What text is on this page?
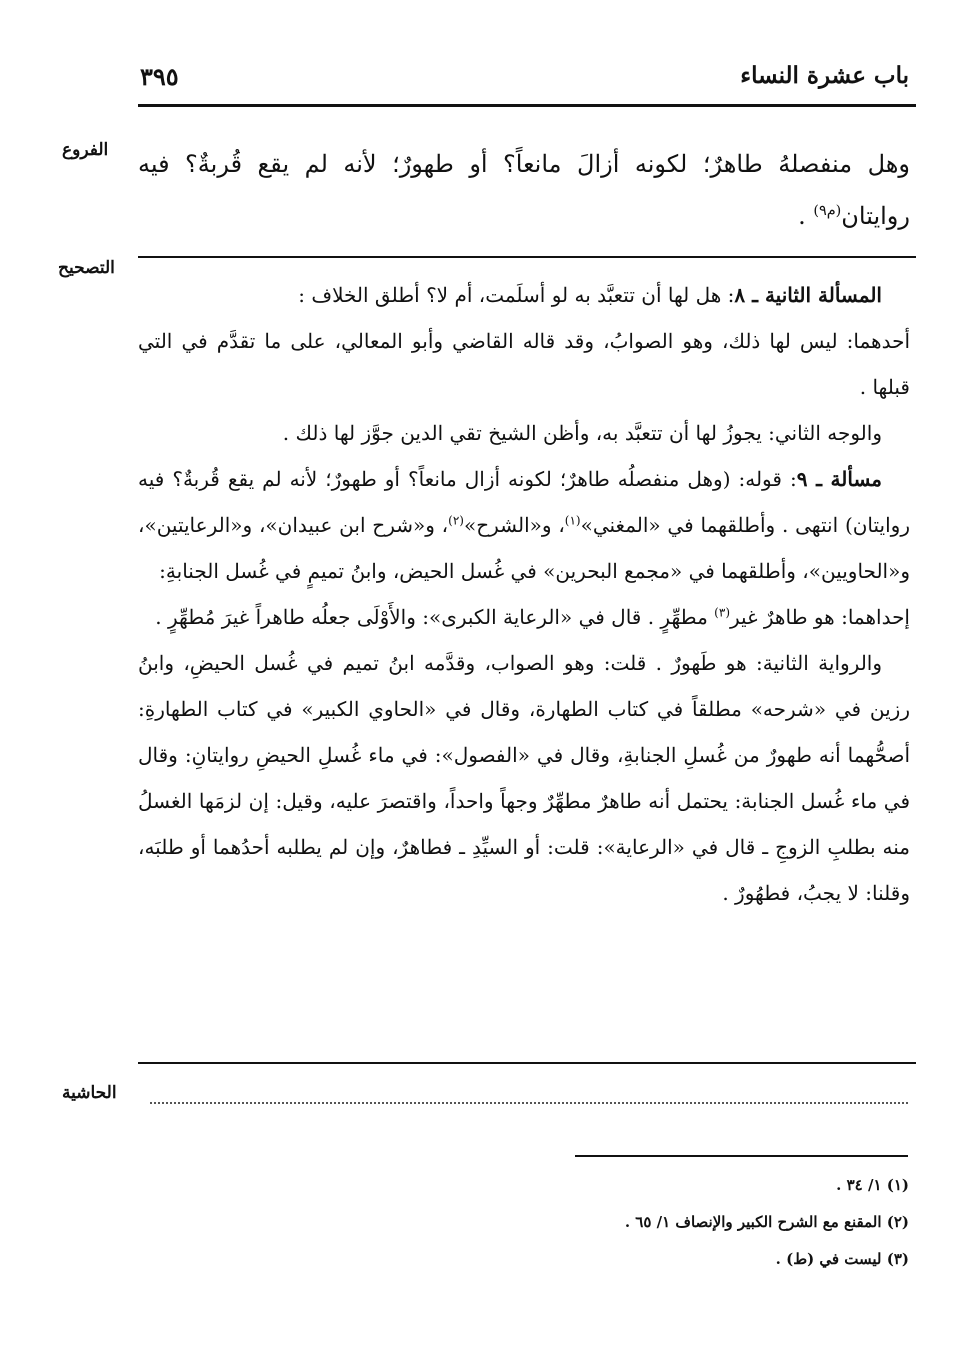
٣٩٥	باب عشرة النساء
الفروع
التصحيح
الحاشية
وهل منفصلهُ طاهرٌ؛ لكونه أزالَ مانعاً؟ أو طهورٌ؛ لأنه لم يقع قُربةٌ؟ فيه روايتان$^{(م٩)}$ .

المسألة الثانية ـ ٨: هل لها أن تتعبَّد به لو أسلَمت، أم لا؟ أطلق الخلاف :

أحدهما: ليس لها ذلك، وهو الصوابُ، وقد قاله القاضي وأبو المعالي، على ما تقدَّم في التي قبلها .

والوجه الثاني: يجوزُ لها أن تتعبَّد به، وأظن الشيخ تقي الدين جوَّز لها ذلك .

مسألة ـ ٩: قوله: (وهل منفصلُه طاهرٌ؛ لكونه أزال مانعاً؟ أو طهورٌ؛ لأنه لم يقع قُربةٌ؟ فيه روايتان) انتهى . وأطلقهما في «المغني»$^{(١)}$، و«الشرح»$^{(٢)}$، و«شرح ابن عبيدان»، و«الرعايتين»، و«الحاويين»، وأطلقهما في «مجمع البحرين» في غُسل الحيض، وابنُ تميمٍ في غُسل الجنابةِ:

إحداهما: هو طاهرٌ غير$^{(٣)}$ مطهِّرٍ . قال في «الرعاية الكبرى»: والأَوْلَى جعلُه طاهراً غيرَ مُطهِّرٍ .

والرواية الثانية: هو طَهورٌ . قلت: وهو الصواب، وقدَّمه ابنُ تميم في غُسل الحيضِ، وابنُ رزين في «شرحه» مطلقاً في كتاب الطهارة، وقال في «الحاوي الكبير» في كتاب الطهارةِ: أصحُّهما أنه طهورٌ من غُسلِ الجنابةِ، وقال في «الفصول»: في ماء غُسلِ الحيضِ روايتانِ: وقال في ماء غُسل الجنابة: يحتمل أنه طاهرٌ مطهِّرٌ وجهاً واحداً، واقتصرَ عليه، وقيل: إن لزمَها الغسلُ منه بطلبِ الزوجِ ـ قال في «الرعاية»: قلت: أو السيِّدِ ـ فطاهرٌ، وإن لم يطلبه أحدُهما أو طلبَه، وقلنا: لا يجبُ، فطهُورٌ .

(١) ١/ ٣٤ .
(٢) المقنع مع الشرح الكبير والإنصاف ١/ ٦٥ .
(٣) ليست في (ط) .
